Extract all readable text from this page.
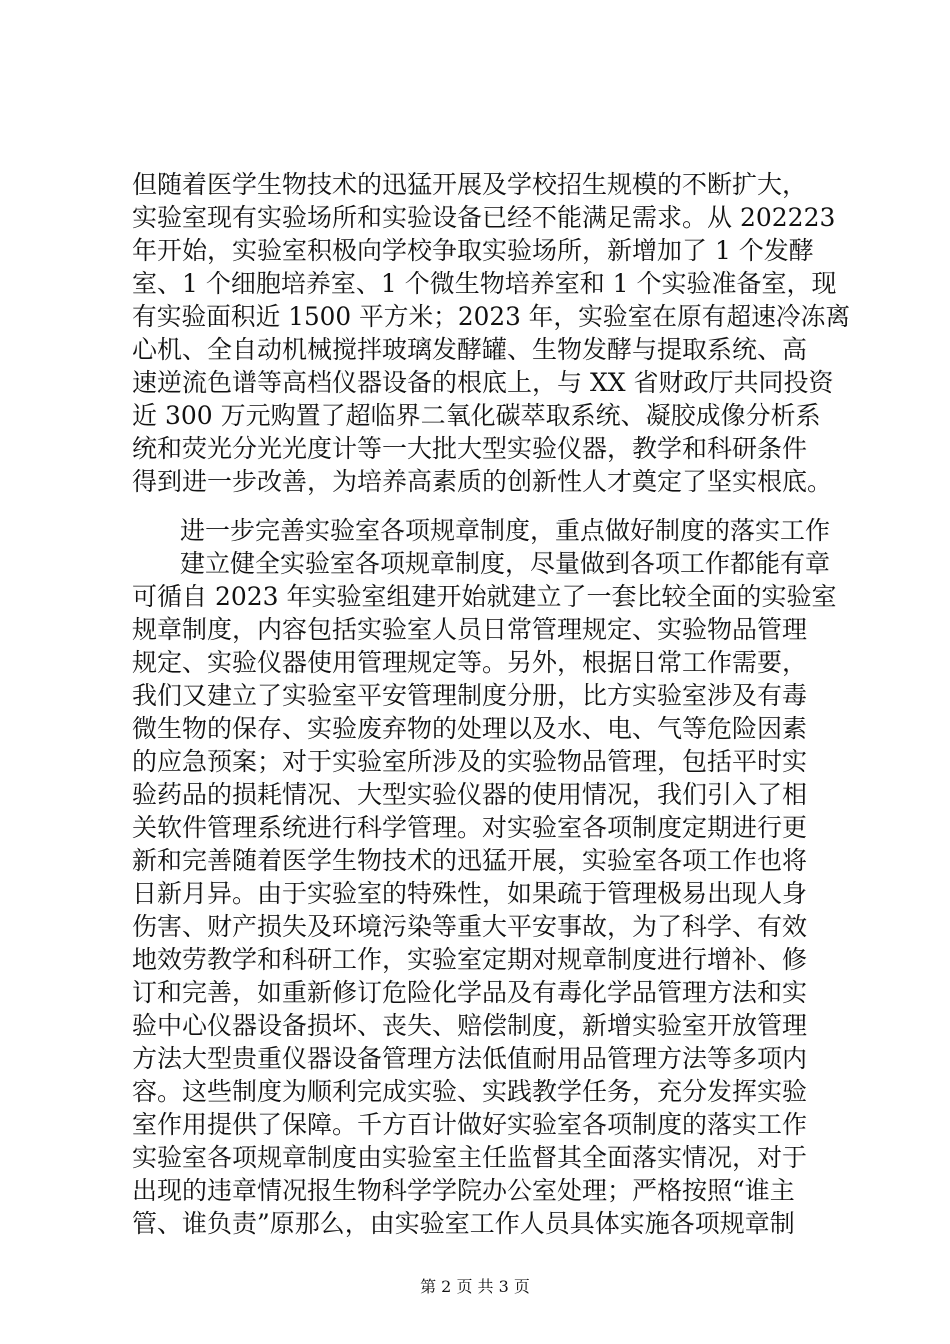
但随着医学生物技术的迅猛开展及学校招生规模的不断扩大，
实验室现有实验场所和实验设备已经不能满足需求。从 202223
年开始，实验室积极向学校争取实验场所，新增加了 1 个发酵
室、1 个细胞培养室、1 个微生物培养室和 1 个实验准备室，现
有实验面积近 1500 平方米；2023 年，实验室在原有超速冷冻离
心机、全自动机械搅拌玻璃发酵罐、生物发酵与提取系统、高
速逆流色谱等高档仪器设备的根底上，与 XX 省财政厅共同投资
近 300 万元购置了超临界二氧化碳萃取系统、凝胶成像分析系
统和荧光分光光度计等一大批大型实验仪器，教学和科研条件
得到进一步改善，为培养高素质的创新性人才奠定了坚实根底。
进一步完善实验室各项规章制度，重点做好制度的落实工作
建立健全实验室各项规章制度，尽量做到各项工作都能有章
可循自 2023 年实验室组建开始就建立了一套比较全面的实验室
规章制度，内容包括实验室人员日常管理规定、实验物品管理
规定、实验仪器使用管理规定等。另外，根据日常工作需要，
我们又建立了实验室平安管理制度分册，比方实验室涉及有毒
微生物的保存、实验废弃物的处理以及水、电、气等危险因素
的应急预案；对于实验室所涉及的实验物品管理，包括平时实
验药品的损耗情况、大型实验仪器的使用情况，我们引入了相
关软件管理系统进行科学管理。对实验室各项制度定期进行更
新和完善随着医学生物技术的迅猛开展，实验室各项工作也将
日新月异。由于实验室的特殊性，如果疏于管理极易出现人身
伤害、财产损失及环境污染等重大平安事故，为了科学、有效
地效劳教学和科研工作，实验室定期对规章制度进行增补、修
订和完善，如重新修订危险化学品及有毒化学品管理方法和实
验中心仪器设备损坏、丧失、赔偿制度，新增实验室开放管理
方法大型贵重仪器设备管理方法低值耐用品管理方法等多项内
容。这些制度为顺利完成实验、实践教学任务，充分发挥实验
室作用提供了保障。千方百计做好实验室各项制度的落实工作
实验室各项规章制度由实验室主任监督其全面落实情况，对于
出现的违章情况报生物科学学院办公室处理；严格按照“谁主
管、谁负责”原那么，由实验室工作人员具体实施各项规章制
第 2 页 共 3 页
